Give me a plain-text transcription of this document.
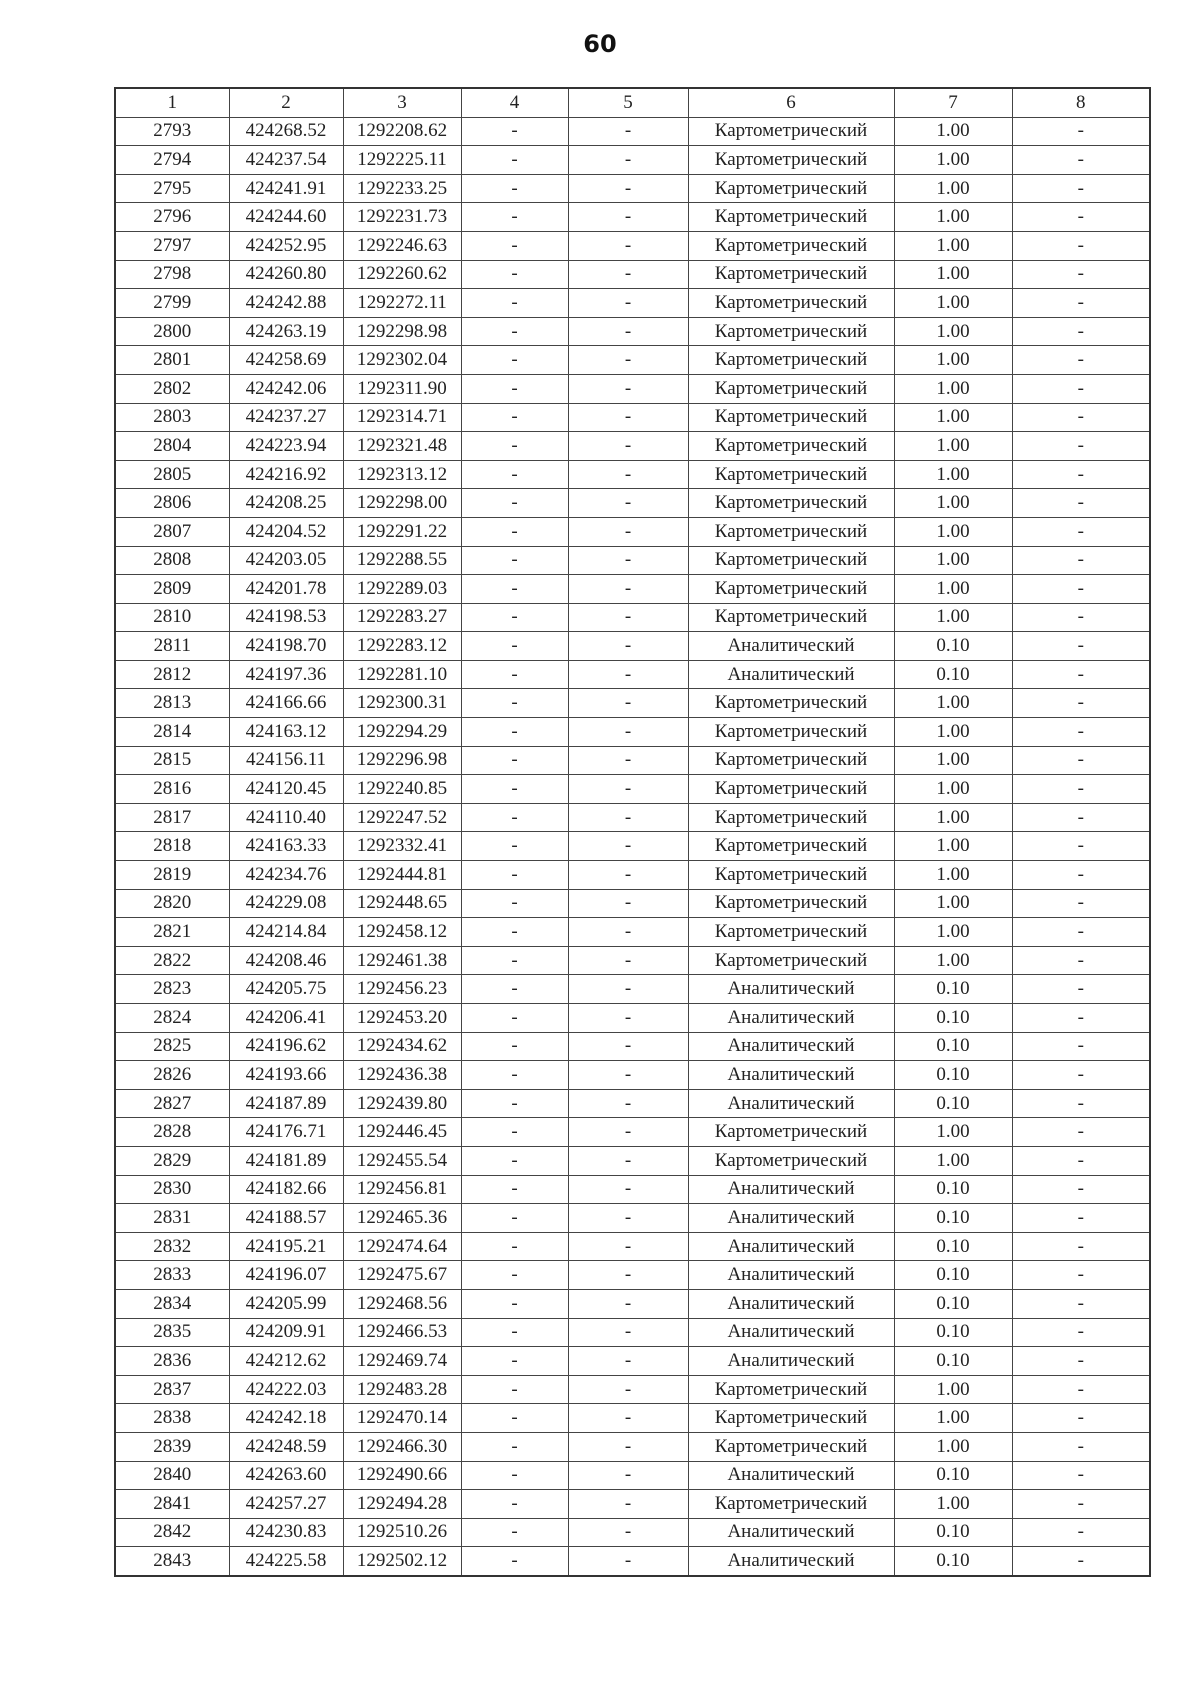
60
1	2	3	4	5	6	7	8
2793	424268.52	1292208.62	-	-	Картометрический	1.00	-
2794	424237.54	1292225.11	-	-	Картометрический	1.00	-
2795	424241.91	1292233.25	-	-	Картометрический	1.00	-
2796	424244.60	1292231.73	-	-	Картометрический	1.00	-
2797	424252.95	1292246.63	-	-	Картометрический	1.00	-
2798	424260.80	1292260.62	-	-	Картометрический	1.00	-
2799	424242.88	1292272.11	-	-	Картометрический	1.00	-
2800	424263.19	1292298.98	-	-	Картометрический	1.00	-
2801	424258.69	1292302.04	-	-	Картометрический	1.00	-
2802	424242.06	1292311.90	-	-	Картометрический	1.00	-
2803	424237.27	1292314.71	-	-	Картометрический	1.00	-
2804	424223.94	1292321.48	-	-	Картометрический	1.00	-
2805	424216.92	1292313.12	-	-	Картометрический	1.00	-
2806	424208.25	1292298.00	-	-	Картометрический	1.00	-
2807	424204.52	1292291.22	-	-	Картометрический	1.00	-
2808	424203.05	1292288.55	-	-	Картометрический	1.00	-
2809	424201.78	1292289.03	-	-	Картометрический	1.00	-
2810	424198.53	1292283.27	-	-	Картометрический	1.00	-
2811	424198.70	1292283.12	-	-	Аналитический	0.10	-
2812	424197.36	1292281.10	-	-	Аналитический	0.10	-
2813	424166.66	1292300.31	-	-	Картометрический	1.00	-
2814	424163.12	1292294.29	-	-	Картометрический	1.00	-
2815	424156.11	1292296.98	-	-	Картометрический	1.00	-
2816	424120.45	1292240.85	-	-	Картометрический	1.00	-
2817	424110.40	1292247.52	-	-	Картометрический	1.00	-
2818	424163.33	1292332.41	-	-	Картометрический	1.00	-
2819	424234.76	1292444.81	-	-	Картометрический	1.00	-
2820	424229.08	1292448.65	-	-	Картометрический	1.00	-
2821	424214.84	1292458.12	-	-	Картометрический	1.00	-
2822	424208.46	1292461.38	-	-	Картометрический	1.00	-
2823	424205.75	1292456.23	-	-	Аналитический	0.10	-
2824	424206.41	1292453.20	-	-	Аналитический	0.10	-
2825	424196.62	1292434.62	-	-	Аналитический	0.10	-
2826	424193.66	1292436.38	-	-	Аналитический	0.10	-
2827	424187.89	1292439.80	-	-	Аналитический	0.10	-
2828	424176.71	1292446.45	-	-	Картометрический	1.00	-
2829	424181.89	1292455.54	-	-	Картометрический	1.00	-
2830	424182.66	1292456.81	-	-	Аналитический	0.10	-
2831	424188.57	1292465.36	-	-	Аналитический	0.10	-
2832	424195.21	1292474.64	-	-	Аналитический	0.10	-
2833	424196.07	1292475.67	-	-	Аналитический	0.10	-
2834	424205.99	1292468.56	-	-	Аналитический	0.10	-
2835	424209.91	1292466.53	-	-	Аналитический	0.10	-
2836	424212.62	1292469.74	-	-	Аналитический	0.10	-
2837	424222.03	1292483.28	-	-	Картометрический	1.00	-
2838	424242.18	1292470.14	-	-	Картометрический	1.00	-
2839	424248.59	1292466.30	-	-	Картометрический	1.00	-
2840	424263.60	1292490.66	-	-	Аналитический	0.10	-
2841	424257.27	1292494.28	-	-	Картометрический	1.00	-
2842	424230.83	1292510.26	-	-	Аналитический	0.10	-
2843	424225.58	1292502.12	-	-	Аналитический	0.10	-
